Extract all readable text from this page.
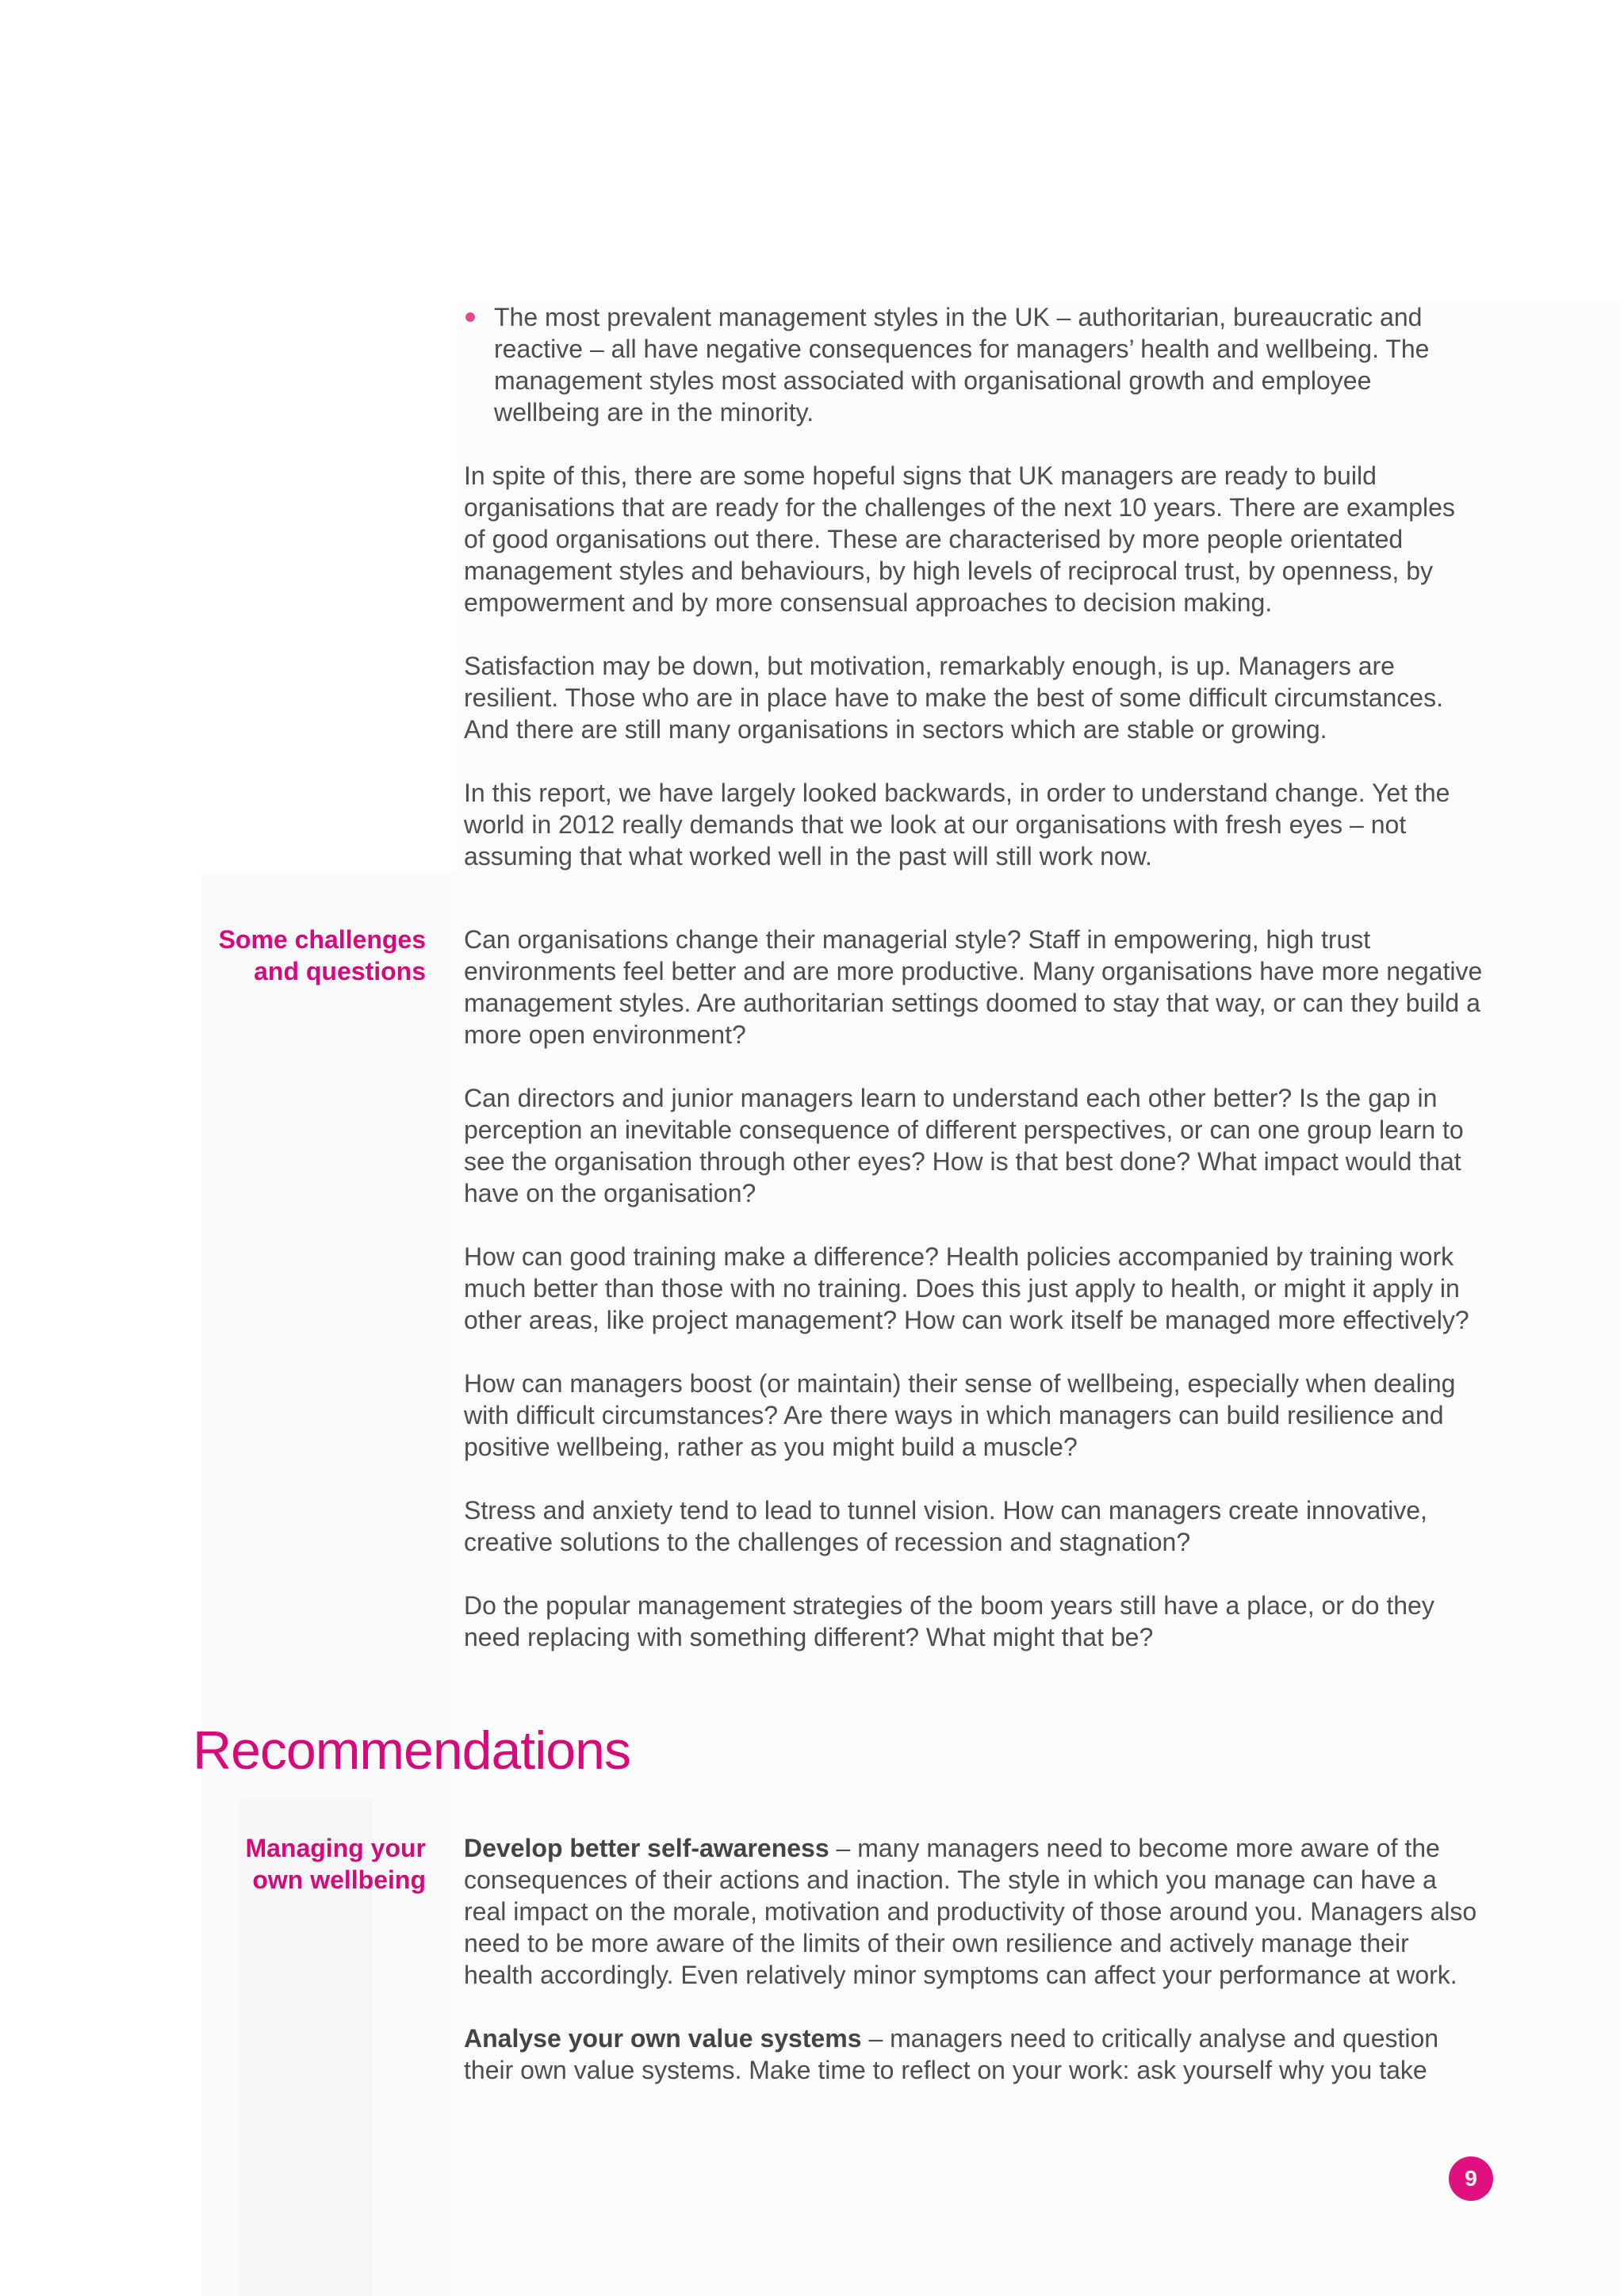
The most prevalent management styles in the UK – authoritarian, bureaucratic and reactive – all have negative consequences for managers’ health and wellbeing. The management styles most associated with organisational growth and employee wellbeing are in the minority.

In spite of this, there are some hopeful signs that UK managers are ready to build organisations that are ready for the challenges of the next 10 years. There are examples of good organisations out there. These are characterised by more people orientated management styles and behaviours, by high levels of reciprocal trust, by openness, by empowerment and by more consensual approaches to decision making.

Satisfaction may be down, but motivation, remarkably enough, is up. Managers are resilient. Those who are in place have to make the best of some difficult circumstances. And there are still many organisations in sectors which are stable or growing.

In this report, we have largely looked backwards, in order to understand change. Yet the world in 2012 really demands that we look at our organisations with fresh eyes – not assuming that what worked well in the past will still work now.

Some challenges
and questions

Can organisations change their managerial style? Staff in empowering, high trust environments feel better and are more productive. Many organisations have more negative management styles. Are authoritarian settings doomed to stay that way, or can they build a more open environment?

Can directors and junior managers learn to understand each other better? Is the gap in perception an inevitable consequence of different perspectives, or can one group learn to see the organisation through other eyes? How is that best done? What impact would that have on the organisation?

How can good training make a difference? Health policies accompanied by training work much better than those with no training. Does this just apply to health, or might it apply in other areas, like project management? How can work itself be managed more effectively?

How can managers boost (or maintain) their sense of wellbeing, especially when dealing with difficult circumstances? Are there ways in which managers can build resilience and positive wellbeing, rather as you might build a muscle?

Stress and anxiety tend to lead to tunnel vision. How can managers create innovative, creative solutions to the challenges of recession and stagnation?

Do the popular management strategies of the boom years still have a place, or do they need replacing with something different? What might that be?

Recommendations
Managing your
own wellbeing

Develop better self-awareness – many managers need to become more aware of the consequences of their actions and inaction. The style in which you manage can have a real impact on the morale, motivation and productivity of those around you. Managers also need to be more aware of the limits of their own resilience and actively manage their health accordingly. Even relatively minor symptoms can affect your performance at work.

Analyse your own value systems – managers need to critically analyse and question their own value systems. Make time to reflect on your work: ask yourself why you take

9
